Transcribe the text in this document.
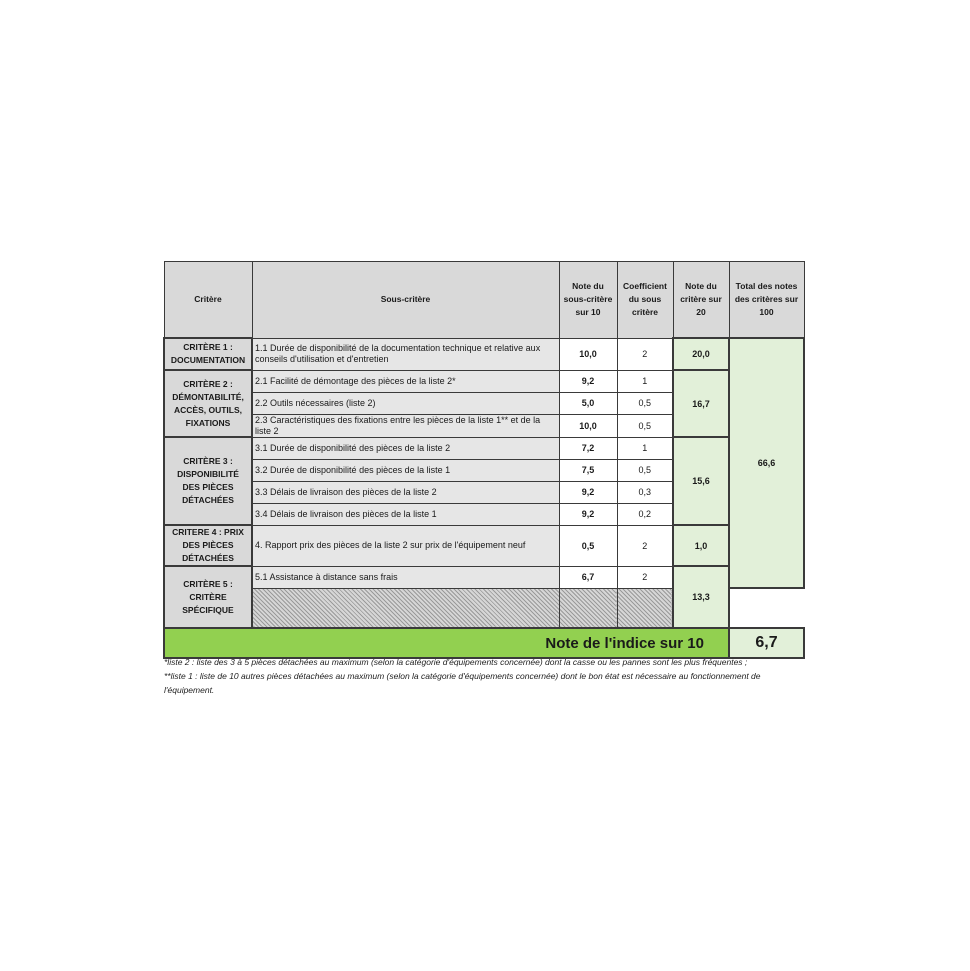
Critère	Sous-critère	Note du sous-critère sur 10	Coefficient du sous critère	Note du critère sur 20	Total des notes des critères sur 100
CRITÈRE 1 : DOCUMENTATION	1.1 Durée de disponibilité de la documentation technique et relative aux conseils d'utilisation et d'entretien	10,0	2	20,0	66,6
CRITÈRE 2 : DÉMONTABILITÉ, ACCÈS, OUTILS, FIXATIONS	2.1 Facilité de démontage des pièces de la liste 2*	9,2	1	16,7	
	2.2 Outils nécessaires (liste 2)	5,0	0,5		
	2.3 Caractéristiques des fixations entre les pièces de la liste 1** et de la liste 2	10,0	0,5		
CRITÈRE 3 : DISPONIBILITÉ DES PIÈCES DÉTACHÉES	3.1 Durée de disponibilité des pièces de la liste 2	7,2	1	15,6	
	3.2 Durée de disponibilité des pièces de la liste 1	7,5	0,5		
	3.3 Délais de livraison des pièces de la liste 2	9,2	0,3		
	3.4 Délais de livraison des pièces de la liste 1	9,2	0,2		
CRITERE 4 : PRIX DES PIÈCES DÉTACHÉES	4. Rapport prix des pièces de la liste 2 sur prix de l'équipement neuf	0,5	2	1,0	
CRITÈRE 5 : CRITÈRE SPÉCIFIQUE	5.1 Assistance à distance sans frais	6,7	2	13,3	

Note de l'indice sur 10					6,7

*liste 2 : liste des 3 à 5 pièces détachées au maximum (selon la catégorie d'équipements concernée) dont la casse ou les pannes sont les plus fréquentes ;

**liste 1 : liste de 10 autres pièces détachées au maximum (selon la catégorie d'équipements concernée) dont le bon état est nécessaire au fonctionnement de l'équipement.
